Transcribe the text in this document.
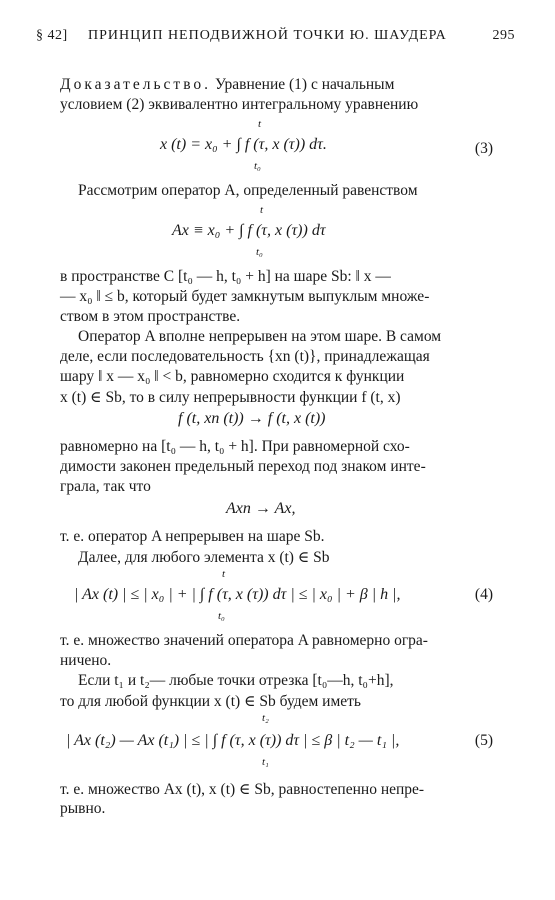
§ 42] ПРИНЦИП НЕПОДВИЖНОЙ ТОЧКИ Ю. ШАУДЕРА	295
Доказательство. Уравнение (1) с начальным
условием (2) эквивалентно интегральному уравнению
x (t) = x₀ + ∫ f (τ, x (τ)) dτ.
t
t₀
(3)
Рассмотрим оператор A, определенный равенством
Ax ≡ x₀ + ∫ f (τ, x (τ)) dτ
t
t₀
в пространстве C [t₀ — h, t₀ + h] на шаре Sb: ‖ x —
— x₀ ‖ ≤ b, который будет замкнутым выпуклым множе-
ством в этом пространстве.
Оператор A вполне непрерывен на этом шаре. В самом
деле, если последовательность {xn (t)}, принадлежащая
шару ‖ x — x₀ ‖ < b, равномерно сходится к функции
x (t) ∈ Sb, то в силу непрерывности функции f (t, x)
f (t, xn (t)) → f (t, x (t))
равномерно на [t₀ — h, t₀ + h]. При равномерной схо-
димости законен предельный переход под знаком инте-
грала, так что
Axn → Ax,
т. е. оператор A непрерывен на шаре Sb.
Далее, для любого элемента x (t) ∈ Sb
| Ax (t) | ≤ | x₀ | + | ∫ f (τ, x (τ)) dτ | ≤ | x₀ | + β | h |,
t
t₀
(4)
т. е. множество значений оператора A равномерно огра-
ничено.
Если t₁ и t₂— любые точки отрезка [t₀—h, t₀+h],
то для любой функции x (t) ∈ Sb будем иметь
| Ax (t₂) — Ax (t₁) | ≤ | ∫ f (τ, x (τ)) dτ | ≤ β | t₂ — t₁ |,
t₂
t₁
(5)
т. е. множество Ax (t), x (t) ∈ Sb, равностепенно непре-
рывно.
